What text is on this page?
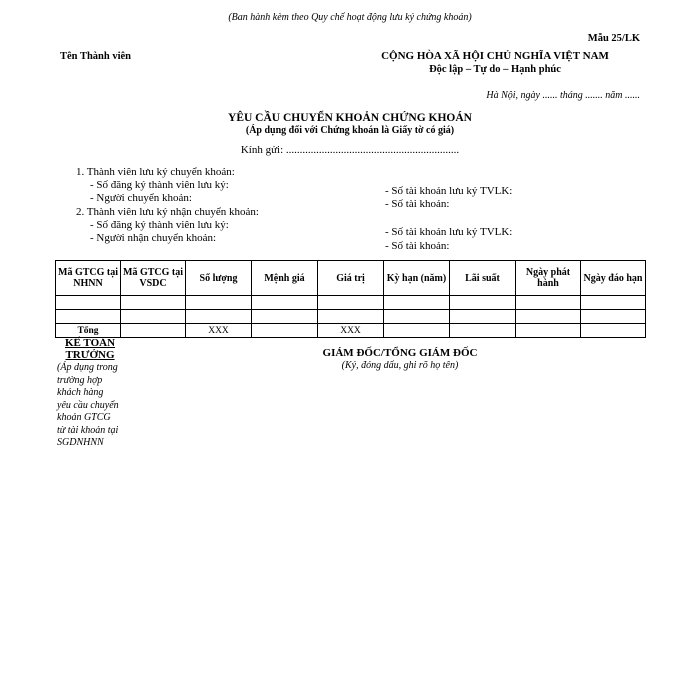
(Ban hành kèm theo Quy chế hoạt động lưu ký chứng khoán)
Mẫu 25/LK
Tên Thành viên	CỘNG HÒA XÃ HỘI CHỦ NGHĨA VIỆT NAM
Độc lập – Tự do – Hạnh phúc
Hà Nội, ngày ...... tháng ....... năm ......
YÊU CẦU CHUYỂN KHOẢN CHỨNG KHOÁN
(Áp dụng đối với Chứng khoán là Giấy tờ có giá)
Kính gửi: ...............................................................
1. Thành viên lưu ký chuyển khoản:
- Số đăng ký thành viên lưu ký:
- Người chuyển khoản:
- Số tài khoản lưu ký TVLK:
- Số tài khoản:
2. Thành viên lưu ký nhận chuyển khoản:
- Số đăng ký thành viên lưu ký:
- Người nhận chuyển khoản:	- Số tài khoản lưu ký TVLK:
- Số tài khoản:
Mã GTCG tại NHNN	Mã GTCG tại VSDC	Số lượng	Mệnh giá	Giá trị	Kỳ hạn (năm)	Lãi suất	Ngày phát hành	Ngày đáo hạn

Tổng		XXX		XXX				
KẾ TOÁN TRƯỞNG
(Áp dụng trong trường hợp khách hàng yêu cầu chuyển khoản GTCG từ tài khoản tại SGDNHNN
GIÁM ĐỐC/TỔNG GIÁM ĐỐC
(Ký, đóng dấu, ghi rõ họ tên)
